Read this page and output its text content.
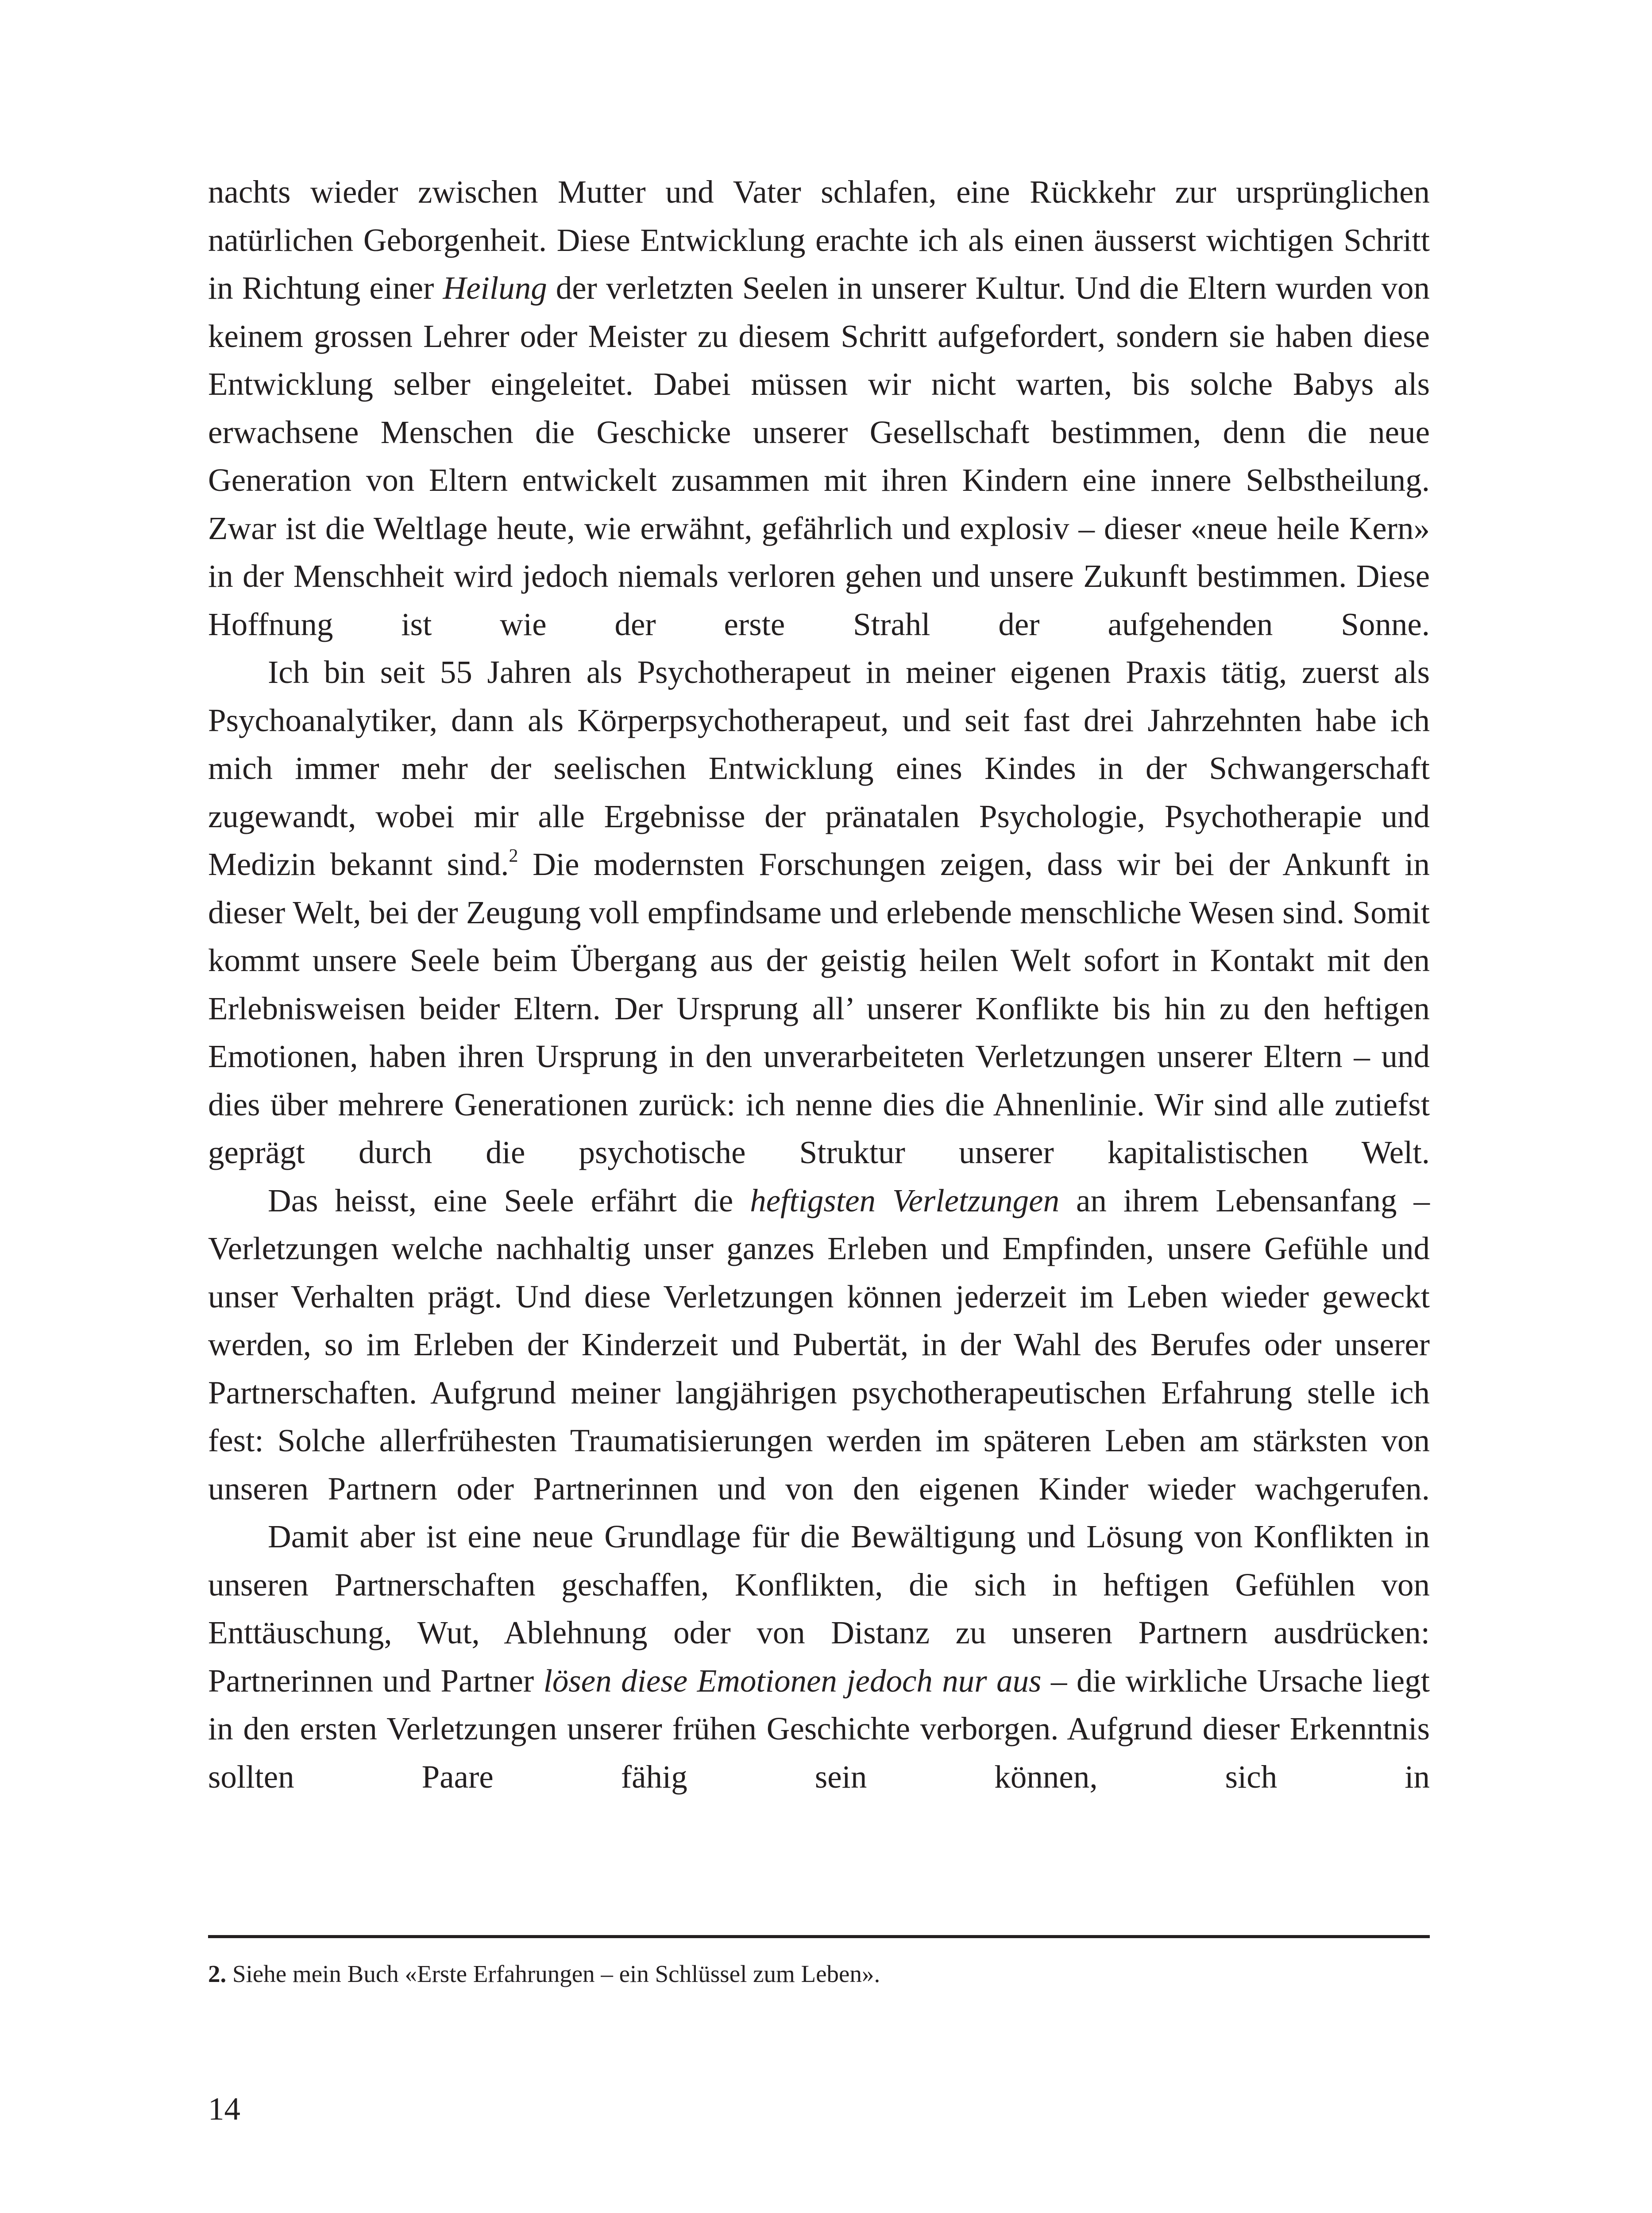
nachts wieder zwischen Mutter und Vater schlafen, eine Rückkehr zur ursprünglichen natürlichen Geborgenheit. Diese Entwicklung erachte ich als einen äusserst wichtigen Schritt in Richtung einer Heilung der verletzten Seelen in unserer Kultur. Und die Eltern wurden von keinem grossen Lehrer oder Meister zu diesem Schritt aufgefordert, sondern sie haben diese Entwicklung selber eingeleitet. Dabei müssen wir nicht warten, bis solche Babys als erwachsene Menschen die Geschicke unserer Gesellschaft bestimmen, denn die neue Generation von Eltern entwickelt zusammen mit ihren Kindern eine innere Selbstheilung. Zwar ist die Weltlage heute, wie erwähnt, gefährlich und explosiv – dieser «neue heile Kern» in der Menschheit wird jedoch niemals verloren gehen und unsere Zukunft bestimmen. Diese Hoffnung ist wie der erste Strahl der aufgehenden Sonne.

Ich bin seit 55 Jahren als Psychotherapeut in meiner eigenen Praxis tätig, zuerst als Psychoanalytiker, dann als Körperpsychotherapeut, und seit fast drei Jahrzehnten habe ich mich immer mehr der seelischen Entwicklung eines Kindes in der Schwangerschaft zugewandt, wobei mir alle Ergebnisse der pränatalen Psychologie, Psychotherapie und Medizin bekannt sind.$^2$ Die modernsten Forschungen zeigen, dass wir bei der Ankunft in dieser Welt, bei der Zeugung voll empfindsame und erlebende menschliche Wesen sind. Somit kommt unsere Seele beim Übergang aus der geistig heilen Welt sofort in Kontakt mit den Erlebnisweisen beider Eltern. Der Ursprung all’ unserer Konflikte bis hin zu den heftigen Emotionen, haben ihren Ursprung in den unverarbeiteten Verletzungen unserer Eltern – und dies über mehrere Generationen zurück: ich nenne dies die Ahnenlinie. Wir sind alle zutiefst geprägt durch die psychotische Struktur unserer kapitalistischen Welt.

Das heisst, eine Seele erfährt die heftigsten Verletzungen an ihrem Lebensanfang – Verletzungen welche nachhaltig unser ganzes Erleben und Empfinden, unsere Gefühle und unser Verhalten prägt. Und diese Verletzungen können jederzeit im Leben wieder geweckt werden, so im Erleben der Kinderzeit und Pubertät, in der Wahl des Berufes oder unserer Partnerschaften. Aufgrund meiner langjährigen psychotherapeutischen Erfahrung stelle ich fest: Solche allerfrühesten Traumatisierungen werden im späteren Leben am stärksten von unseren Partnern oder Partnerinnen und von den eigenen Kinder wieder wachgerufen.

Damit aber ist eine neue Grundlage für die Bewältigung und Lösung von Konflikten in unseren Partnerschaften geschaffen, Konflikten, die sich in heftigen Gefühlen von Enttäuschung, Wut, Ablehnung oder von Distanz zu unseren Partnern ausdrücken: Partnerinnen und Partner lösen diese Emotionen jedoch nur aus – die wirkliche Ursache liegt in den ersten Verletzungen unserer frühen Geschichte verborgen. Aufgrund dieser Erkenntnis sollten Paare fähig sein können, sich in

2. Siehe mein Buch «Erste Erfahrungen – ein Schlüssel zum Leben».

14
